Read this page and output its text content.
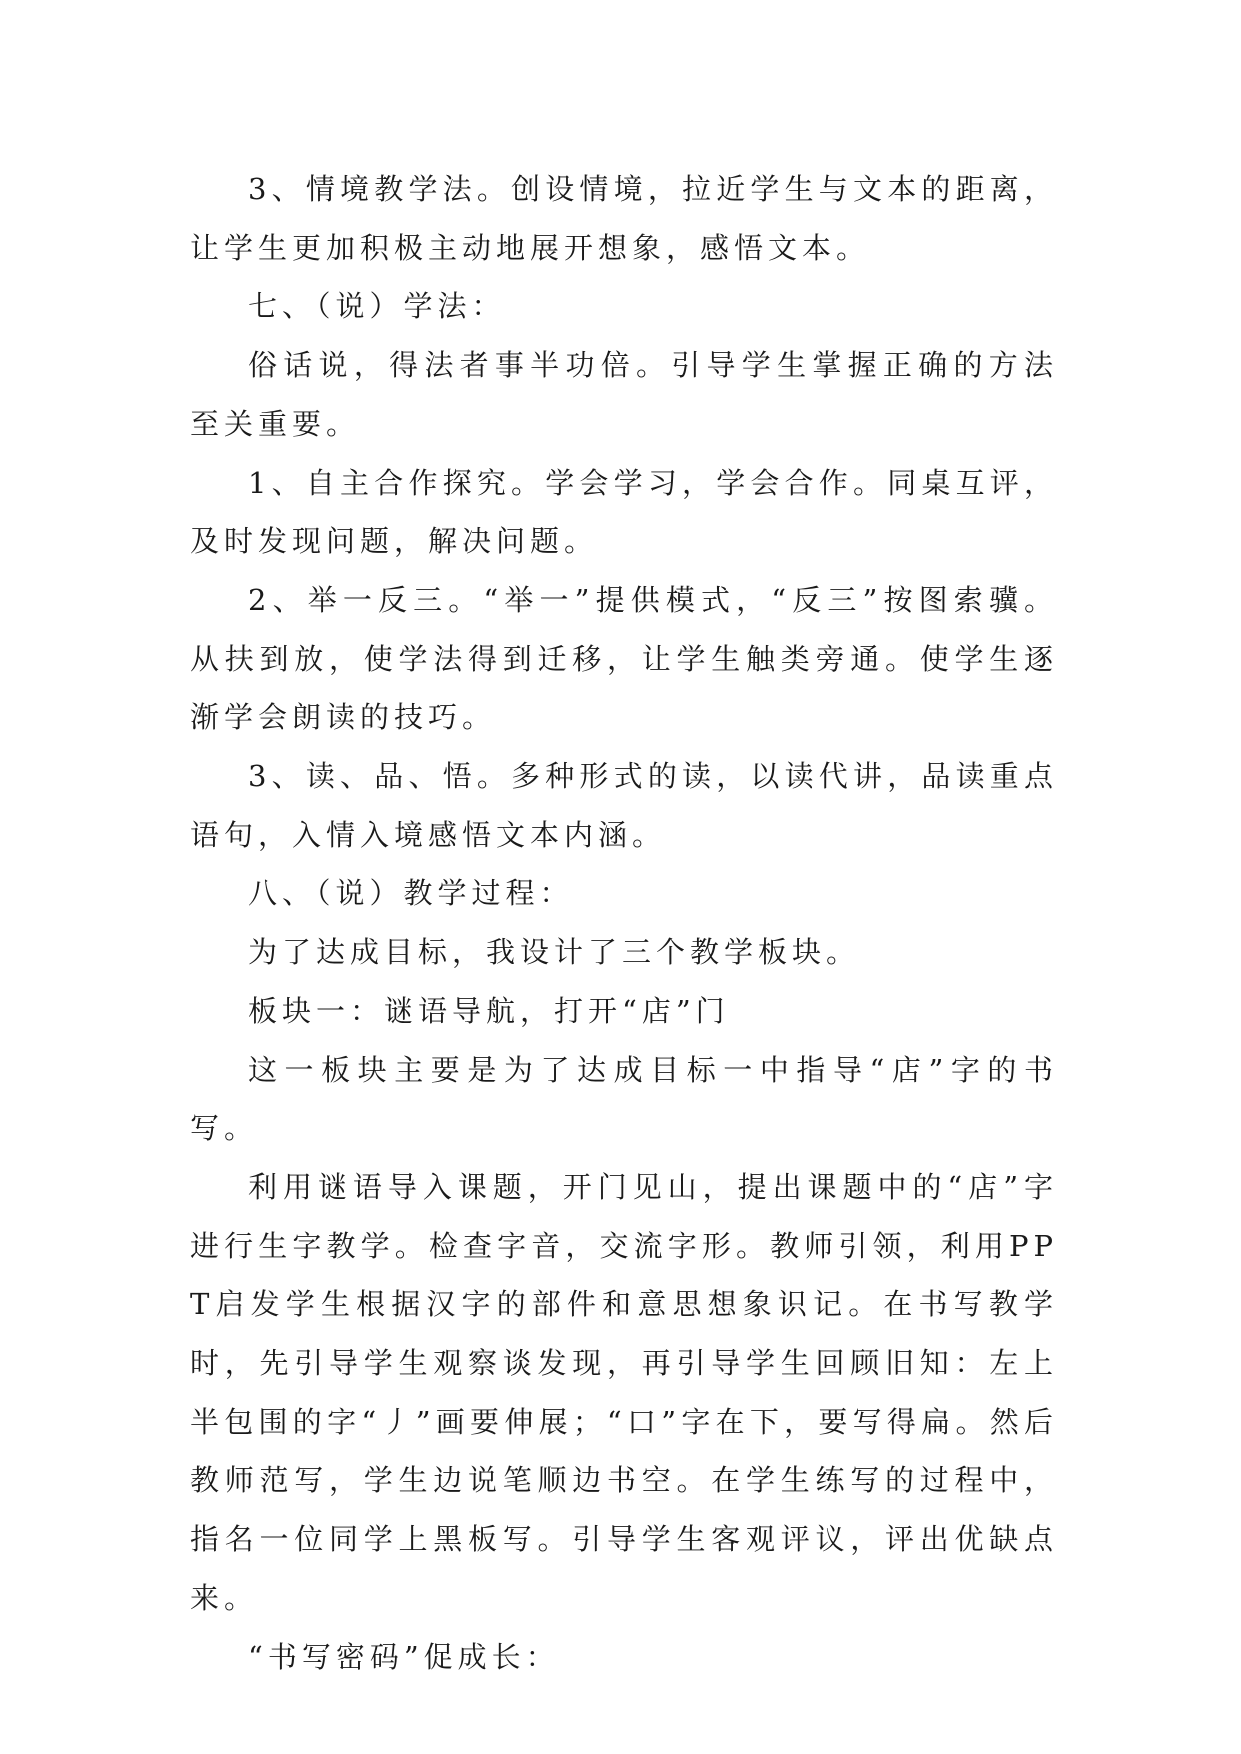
3、情境教学法。创设情境，拉近学生与文本的距离，让学生更加积极主动地展开想象，感悟文本。

七、（说）学法：

俗话说，得法者事半功倍。引导学生掌握正确的方法至关重要。

1、自主合作探究。学会学习，学会合作。同桌互评，及时发现问题，解决问题。

2、举一反三。“举一”提供模式，“反三”按图索骥。从扶到放，使学法得到迁移，让学生触类旁通。使学生逐渐学会朗读的技巧。

3、读、品、悟。多种形式的读，以读代讲，品读重点语句，入情入境感悟文本内涵。

八、（说）教学过程：

为了达成目标，我设计了三个教学板块。

板块一：谜语导航，打开“店”门

这一板块主要是为了达成目标一中指导“店”字的书写。

利用谜语导入课题，开门见山，提出课题中的“店”字进行生字教学。检查字音，交流字形。教师引领，利用PPT启发学生根据汉字的部件和意思想象识记。在书写教学时，先引导学生观察谈发现，再引导学生回顾旧知：左上半包围的字“丿”画要伸展；“口”字在下，要写得扁。然后教师范写，学生边说笔顺边书空。在学生练写的过程中，指名一位同学上黑板写。引导学生客观评议，评出优缺点来。

“书写密码”促成长：
